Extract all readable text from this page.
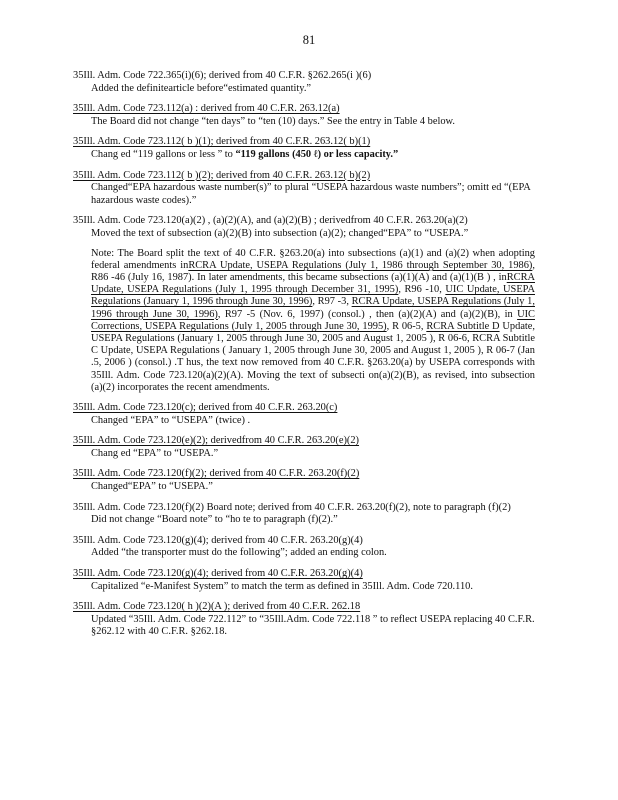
81
35Ill. Adm. Code 722.365(i)(6); derived from 40 C.F.R. §262.265(i )(6)
Added the definitearticle before“estimated quantity.”
35Ill. Adm. Code 723.112(a) : derived from 40 C.F.R. 263.12(a)
The Board did not change “ten days” to “ten (10) days.” See the entry in Table 4 below.
35Ill. Adm. Code 723.112( b )(1); derived from 40 C.F.R. 263.12( b)(1)
Chang ed “119 gallons or less ” to “119 gallons (450 ℓ) or less capacity.”
35Ill. Adm. Code 723.112( b )(2); derived from 40 C.F.R. 263.12( b)(2)
Changed“EPA hazardous waste number(s)” to plural “USEPA hazardous waste numbers”; omitt ed “(EPA hazardous waste codes).”
35Ill. Adm. Code 723.120(a)(2) , (a)(2)(A), and (a)(2)(B) ; derivedfrom 40 C.F.R. 263.20(a)(2)
Moved the text of subsection (a)(2)(B) into subsection (a)(2); changed“EPA” to “USEPA.”
Note: The Board split the text of 40 C.F.R. §263.20(a) into subsections (a)(1) and (a)(2) when adopting federal amendments inRCRA Update, USEPA Regulations (July 1, 1986 through September 30, 1986), R86 -46 (July 16, 1987). In later amendments, this became subsections (a)(1)(A) and (a)(1)(B ) , inRCRA Update, USEPA Regulations (July 1, 1995 through December 31, 1995), R96 -10, UIC Update, USEPA Regulations (January 1, 1996 through June 30, 1996), R97 -3, RCRA Update, USEPA Regulations (July 1, 1996 through June 30, 1996), R97 -5 (Nov. 6, 1997) (consol.) , then (a)(2)(A) and (a)(2)(B), in UIC Corrections, USEPA Regulations (July 1, 2005 through June 30, 1995), R 06-5, RCRA Subtitle D Update, USEPA Regulations (January 1, 2005 through June 30, 2005 and August 1, 2005 ), R 06-6, RCRA Subtitle C Update, USEPA Regulations ( January 1, 2005 through June 30, 2005 and August 1, 2005 ), R 06-7 (Jan .5, 2006 ) (consol.) .T hus, the text now removed from 40 C.F.R. §263.20(a) by USEPA corresponds with 35Ill. Adm. Code 723.120(a)(2)(A). Moving the text of subsecti on(a)(2)(B), as revised, into subsection (a)(2) incorporates the recent amendments.
35Ill. Adm. Code 723.120(c); derived from 40 C.F.R. 263.20(c)
Changed “EPA” to “USEPA” (twice) .
35Ill. Adm. Code 723.120(e)(2); derivedfrom 40 C.F.R. 263.20(e)(2)
Chang ed “EPA” to “USEPA.”
35Ill. Adm. Code 723.120(f)(2); derived from 40 C.F.R. 263.20(f)(2)
Changed“EPA” to “USEPA.”
35Ill. Adm. Code 723.120(f)(2) Board note; derived from 40 C.F.R. 263.20(f)(2), note to paragraph (f)(2)
Did not change “Board note” to “ho te to paragraph (f)(2).”
35Ill. Adm. Code 723.120(g)(4); derived from 40 C.F.R. 263.20(g)(4)
Added “the transporter must do the following”; added an ending colon.
35Ill. Adm. Code 723.120(g)(4); derived from 40 C.F.R. 263.20(g)(4)
Capitalized “e-Manifest System” to match the term as defined in 35Ill. Adm. Code 720.110.
35Ill. Adm. Code 723.120( h )(2)(A ); derived from 40 C.F.R. 262.18
Updated “35Ill. Adm. Code 722.112” to “35Ill.Adm. Code 722.118 ” to reflect USEPA replacing 40 C.F.R. §262.12 with 40 C.F.R. §262.18.
